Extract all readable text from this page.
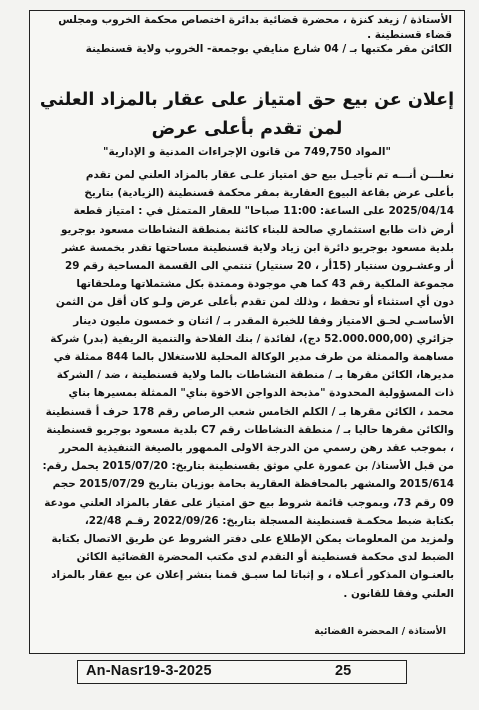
الأستاذة / زيغد كنزة ، محضرة قضائية بدائرة اختصاص محكمة الخروب ومجلس

قضاء قسنطينة .

الكائن مقر مكتبها بـ / 04 شارع منايفي بوجمعة- الخروب ولاية قسنطينة

إعلان عن بيع حق امتياز على عقار بالمزاد العلني
لمن تقدم بأعلى عرض
"المواد 749,750 من قانون الإجراءات المدنية و الإدارية"
نعلـــن أنـــه تم تأجيـل بيع حق امتياز علـى عقار بالمزاد العلني لمن تقدم
بأعلى عرض بقاعة البيوع العقارية بمقر محكمة قسنطينة (الزيادية) بتاريخ
2025/04/14 على الساعة: 11:00 صباحا" للعقار المتمثل في : امتياز قطعة
أرض ذات طابع استثماري صالحة للبناء كائنة بمنطقة النشاطات مسعود بوجريو
بلدية مسعود بوجريو دائرة ابن زياد ولاية قسنطينة مساحتها تقدر بخمسة عشر
أر وعشـرون سنتيار (15أر ، 20 سنتيار) تنتمي الى القسمة المساحية رقم 29
مجموعة الملكية رقم 43 كما هي موجودة وممتدة بكل مشتملاتها وملحقاتها
دون أي استثناء أو تحفظ ، وذلك لمن تقدم بأعلى عرض ولـو كان أقل من الثمن
الأساسـي لحـق الامتياز وفقا للخبرة المقدر بـ / اثنان و خمسون مليون دينار
جزائري (52.000.000,00 دج)، لفائدة / بنك الفلاحة والتنمية الريفية (بدر) شركة
مساهمة والممثلة من طرف مدير الوكالة المحلية للاستغلال بالما 844 ممثلة في
مديرها، الكائن مقرها بـ / منطقة النشاطات بالما ولاية قسنطينة ، ضد / الشركة
ذات المسؤولية المحدودة "مذبحة الدواجن الاخوة بناي" الممثلة بمسيرها بناي
محمد ، الكائن مقرها بـ / الكلم الخامس شعب الرصاص رقم 178 حرف أ قسنطينة
والكائن مقرها حاليا بـ / منطقة النشاطات رقم C7 بلدية مسعود بوجريو قسنطينة
، بموجب عقد رهن رسمي من الدرجة الاولى الممهور بالصيغة التنفيذية المحرر
من قبل الأستاذ/ بن عمورة علي موثق بقسنطينة بتاريخ: 2015/07/20 يحمل رقم:
2015/614 والمشهر بالمحافظة العقارية بحامة بوزيان بتاريخ 2015/07/29 حجم
09 رقم 73، وبموجب قائمة شروط بيع حق امتياز على عقار بالمزاد العلني مودعة
بكتابة ضبط محكمـة قسنطينة المسجلة بتاريخ: 2022/09/26 رقـم 22/48،
ولمزيد من المعلومات يمكن الإطلاع على دفتر الشروط عن طريق الاتصال بكتابة
الضبط لدى محكمة قسنطينة أو التقدم لدى مكتب المحضرة القضائية الكائن
بالعنـوان المذكور أعـلاه ، و إثباتا لما سبـق قمنا بنشر إعلان عن بيع عقار بالمزاد
العلني وفقا للقانون .
الأستاذة / المحضرة القضائية
An-Nasr19-3-2025	25
